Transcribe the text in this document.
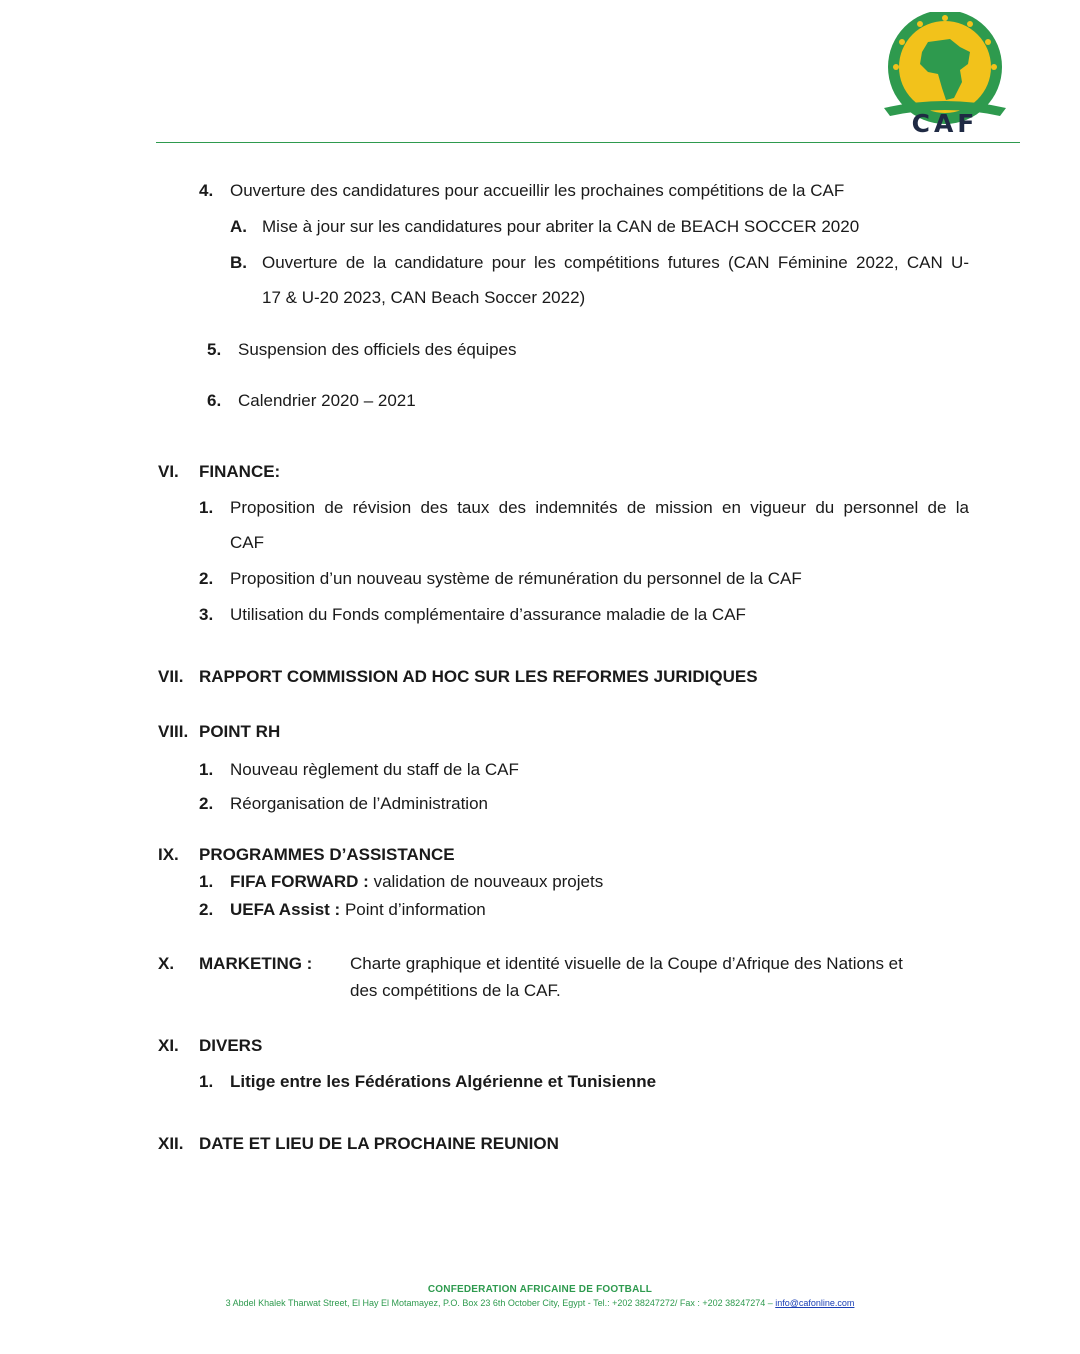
CAF
4. Ouverture des candidatures pour accueillir les prochaines compétitions de la CAF
A. Mise à jour sur les candidatures pour abriter la CAN de BEACH SOCCER 2020
B. Ouverture de la candidature pour les compétitions futures (CAN Féminine 2022, CAN U-
17 & U-20 2023, CAN Beach Soccer 2022)
5. Suspension des officiels des équipes
6. Calendrier 2020 – 2021
VI. FINANCE:
1. Proposition de révision des taux des indemnités de mission en vigueur du personnel de la
CAF
2. Proposition d’un nouveau système de rémunération du personnel de la CAF
3. Utilisation du Fonds complémentaire d’assurance maladie de la CAF
VII. RAPPORT COMMISSION AD HOC SUR LES REFORMES JURIDIQUES
VIII. POINT RH
1. Nouveau règlement du staff de la CAF
2. Réorganisation de l’Administration
IX. PROGRAMMES D’ASSISTANCE
1. FIFA FORWARD : validation de nouveaux projets
2. UEFA Assist : Point d’information
X. MARKETING : Charte graphique et identité visuelle de la Coupe d’Afrique des Nations et
des compétitions de la CAF.
XI. DIVERS
1. Litige entre les Fédérations Algérienne et Tunisienne
XII. DATE ET LIEU DE LA PROCHAINE REUNION
CONFEDERATION AFRICAINE DE FOOTBALL
3 Abdel Khalek Tharwat Street, El Hay El Motamayez, P.O. Box 23 6th October City, Egypt - Tel.: +202 38247272/ Fax : +202 38247274 – info@cafonline.com
